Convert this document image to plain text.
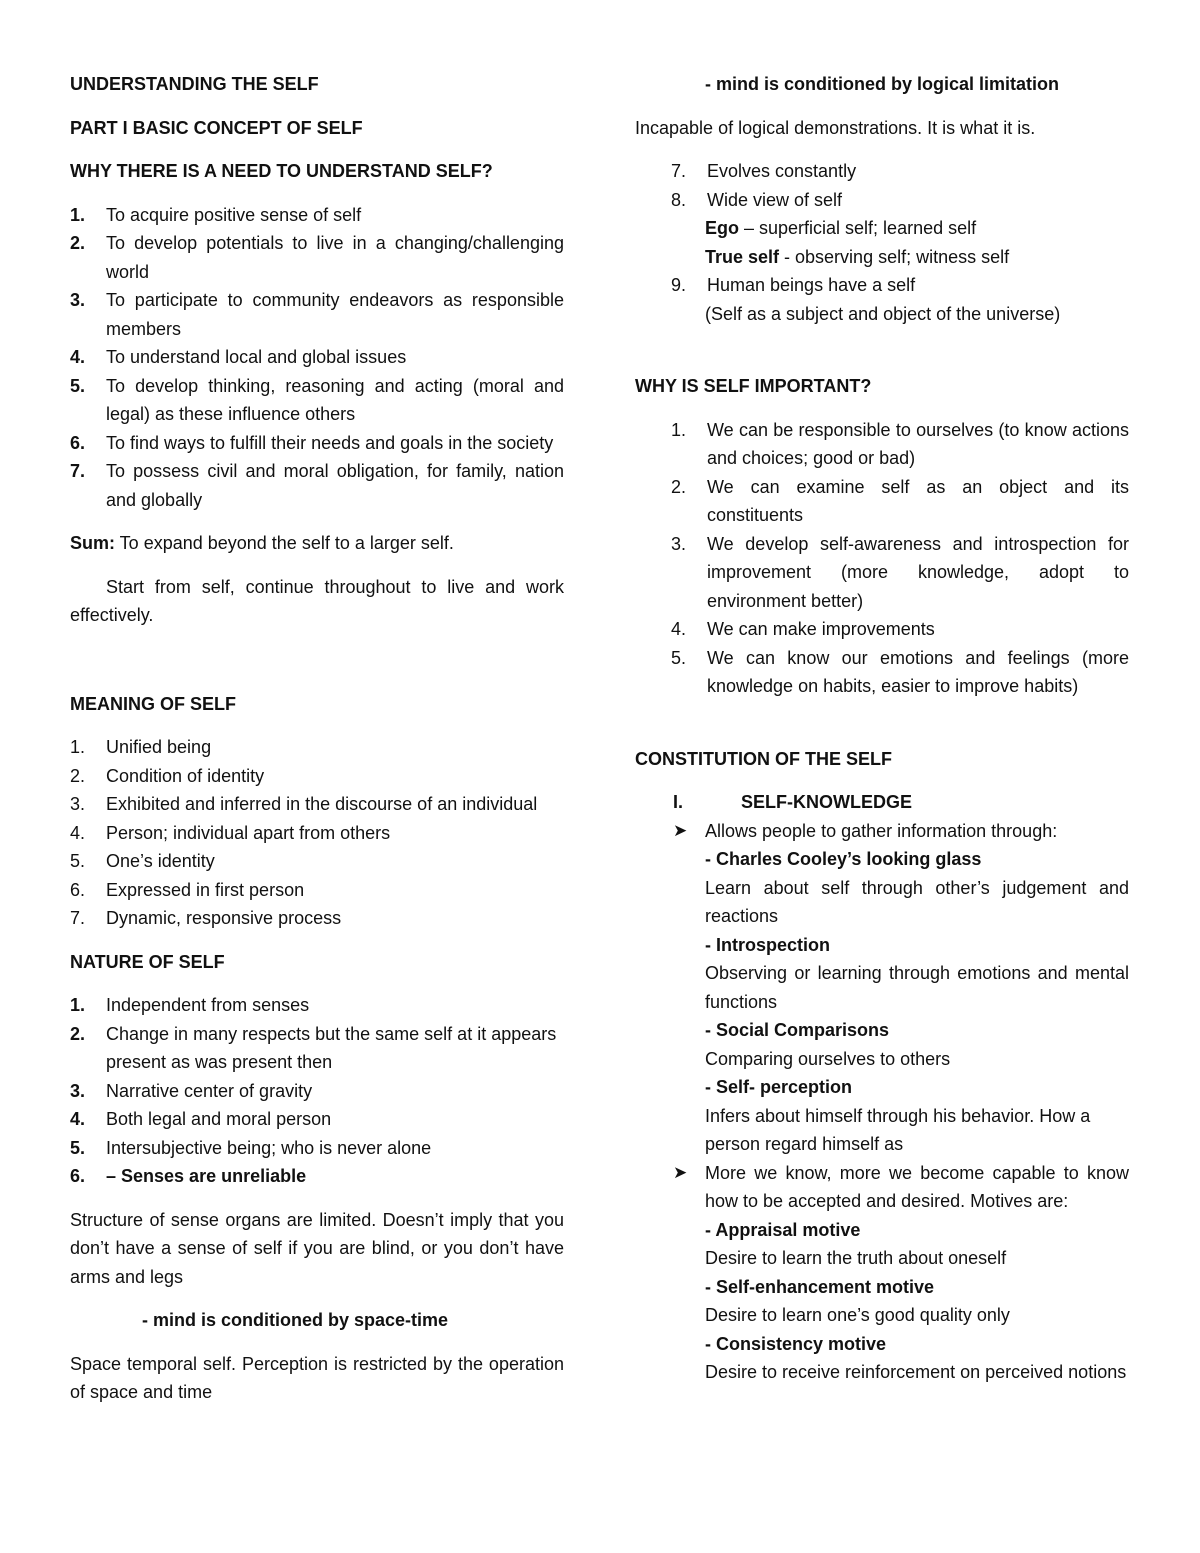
UNDERSTANDING THE SELF

PART I BASIC CONCEPT OF SELF

WHY THERE IS A NEED TO UNDERSTAND SELF?

1.	To acquire positive sense of self
2.	To develop potentials to live in a changing/challenging world
3.	To participate to community endeavors as responsible members
4.	To understand local and global issues
5.	To develop thinking, reasoning and acting (moral and legal) as these influence others
6.	To find ways to fulfill their needs and goals in the society
7.	To possess civil and moral obligation, for family, nation and globally

Sum: To expand beyond the self to a larger self.

Start from self, continue throughout to live and work effectively.

MEANING OF SELF

1.	Unified being
2.	Condition of identity
3.	Exhibited and inferred in the discourse of an individual
4.	Person; individual apart from others
5.	One’s identity
6.	Expressed in first person
7.	Dynamic, responsive process

NATURE OF SELF

1.	Independent from senses
2.	Change in many respects but the same self at it appears present as was present then
3.	Narrative center of gravity
4.	Both legal and moral person
5.	Intersubjective being; who is never alone
6.	– Senses are unreliable

Structure of sense organs are limited. Doesn’t imply that you don’t have a sense of self if you are blind, or you don’t have arms and legs

- mind is conditioned by space-time

Space temporal self. Perception is restricted by the operation of space and time

- mind is conditioned by logical limitation

Incapable of logical demonstrations. It is what it is.

7.	Evolves constantly
8.	Wide view of self

Ego – superficial self; learned self

True self - observing self; witness self

9.	Human beings have a self

(Self as a subject and object of the universe)

WHY IS SELF IMPORTANT?

1.	We can be responsible to ourselves (to know actions and choices; good or bad)
2.	We can examine self as an object and its constituents
3.	We develop self-awareness and introspection for improvement (more knowledge, adopt to environment better)
4.	We can make improvements
5.	We can know our emotions and feelings (more knowledge on habits, easier to improve habits)

CONSTITUTION OF THE SELF

I.	SELF-KNOWLEDGE
➤ Allows people to gather information through:

- Charles Cooley’s looking glass

Learn about self through other’s judgement and reactions

- Introspection

Observing or learning through emotions and mental functions

- Social Comparisons

Comparing ourselves to others

- Self- perception

Infers about himself through his behavior. How a person regard himself as

➤ More we know, more we become capable to know how to be accepted and desired. Motives are:

- Appraisal motive

Desire to learn the truth about oneself

- Self-enhancement motive

Desire to learn one’s good quality only

- Consistency motive

Desire to receive reinforcement on perceived notions
